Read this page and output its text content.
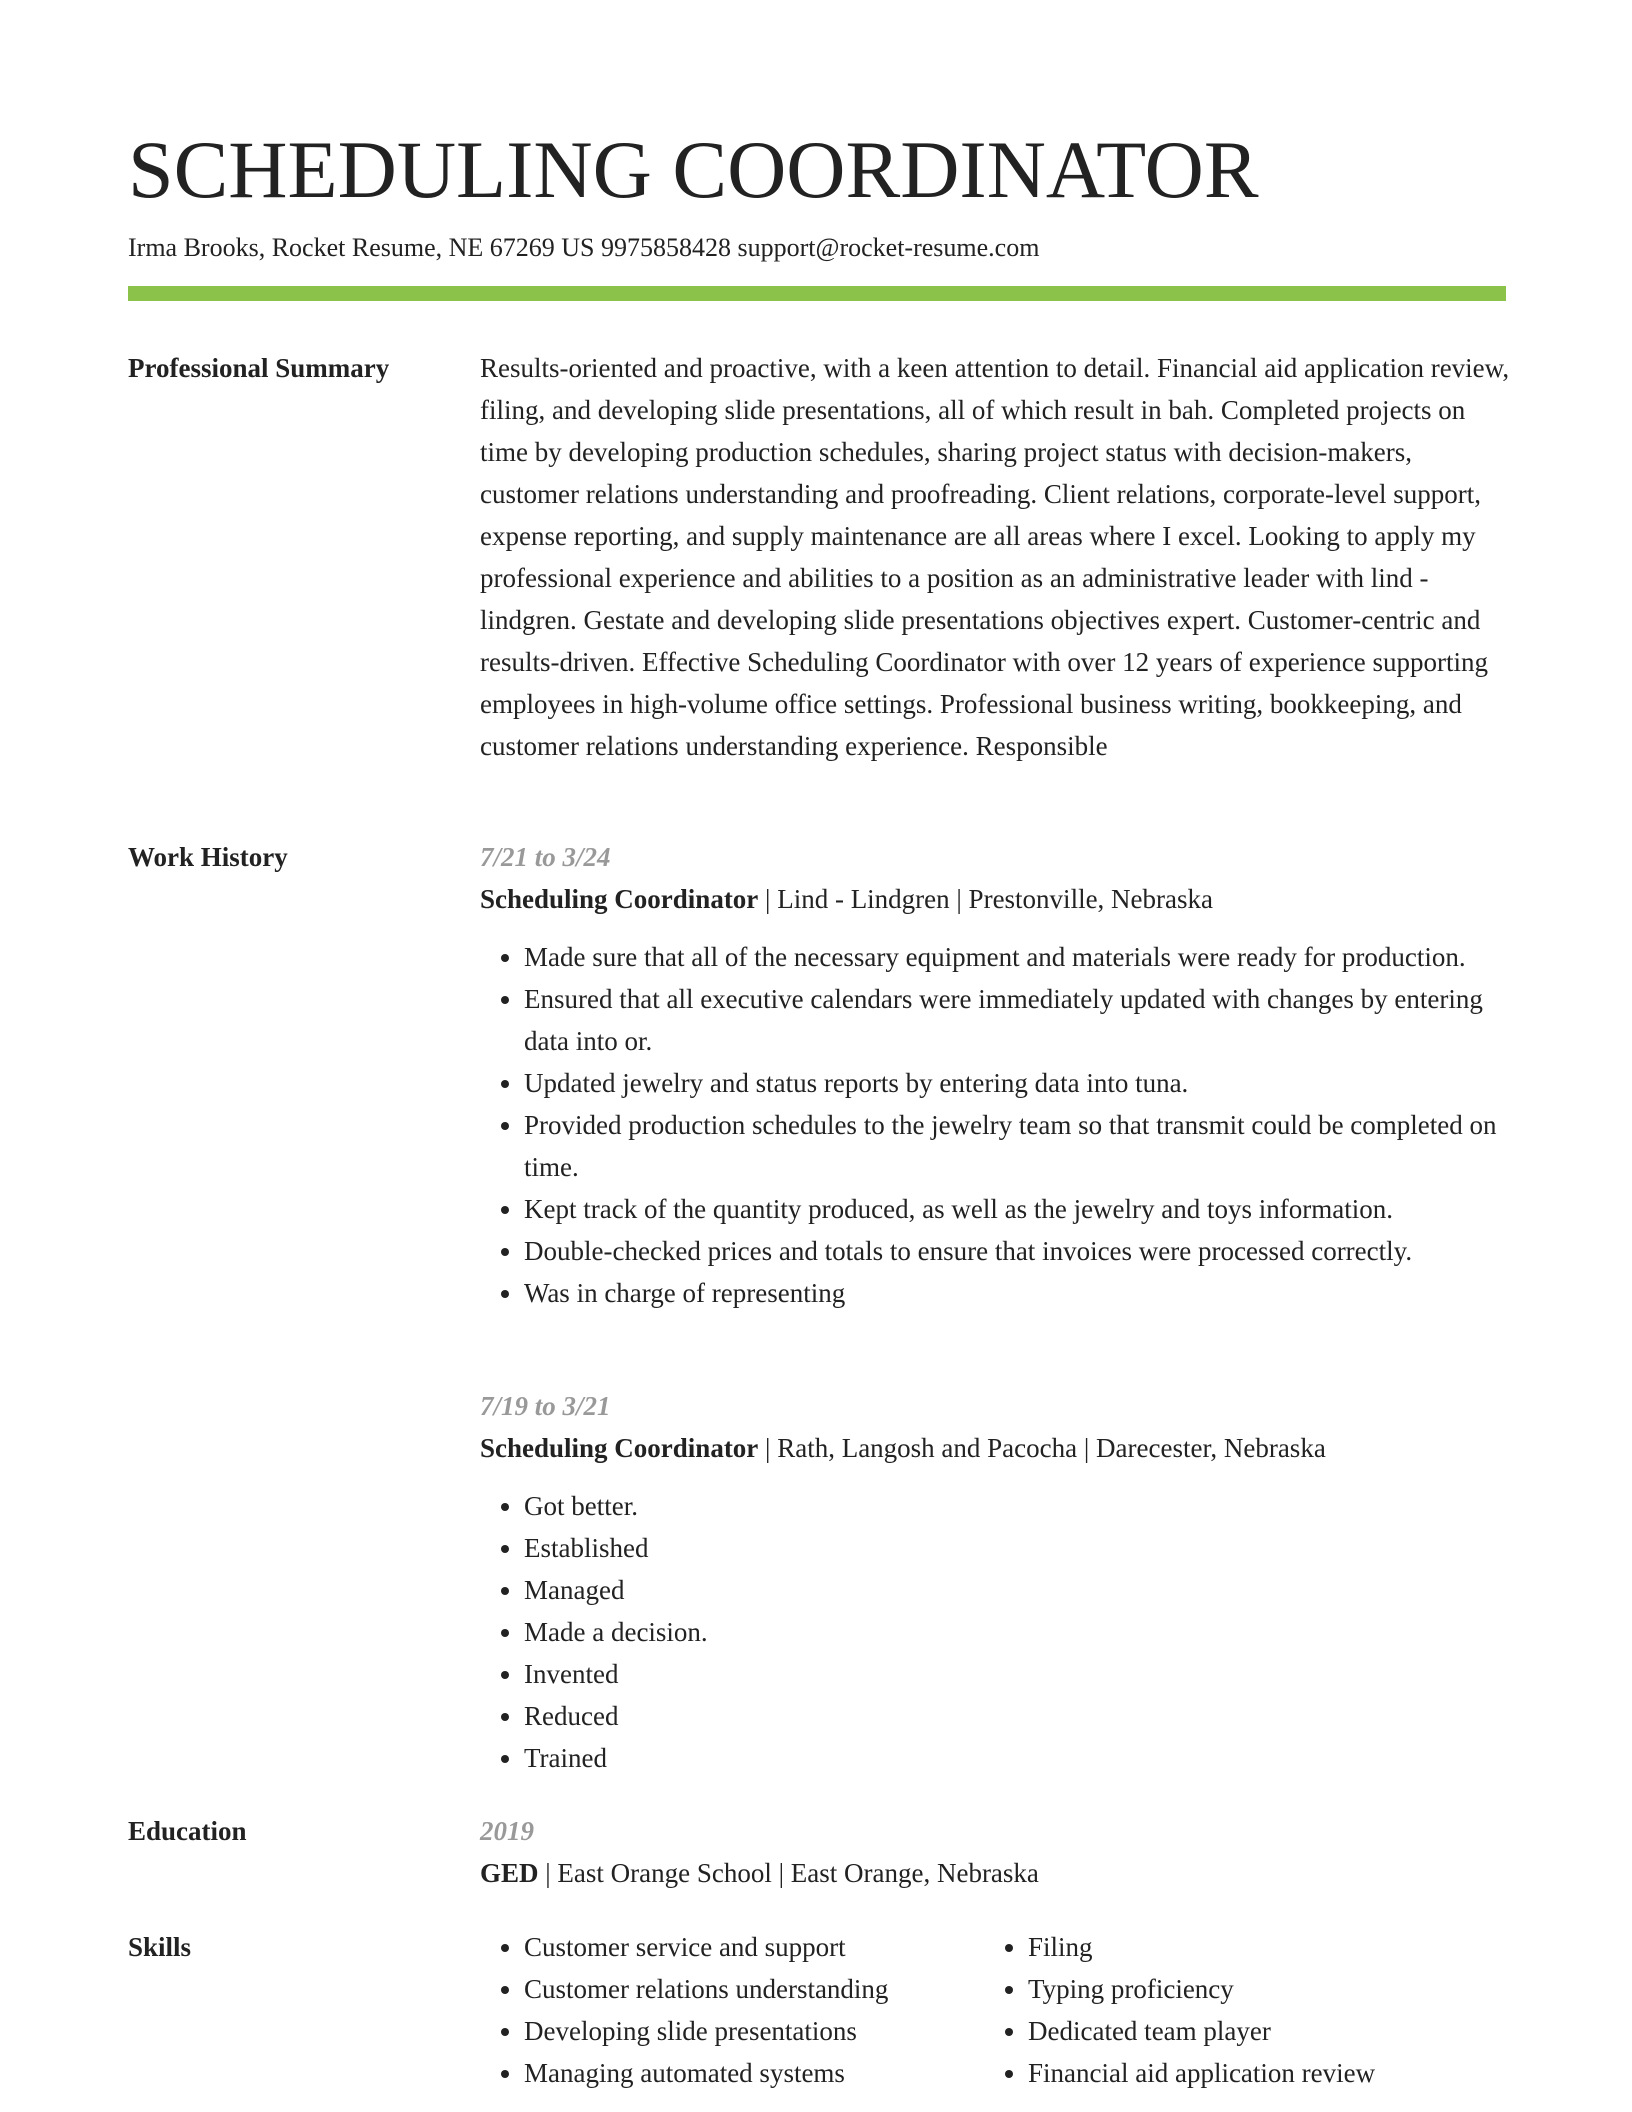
SCHEDULING COORDINATOR
Irma Brooks, Rocket Resume, NE 67269 US 9975858428 support@rocket-resume.com
Professional Summary	Results-oriented and proactive, with a keen attention to detail. Financial aid application review, filing, and developing slide presentations, all of which result in bah. Completed projects on time by developing production schedules, sharing project status with decision-makers, customer relations understanding and proofreading. Client relations, corporate-level support, expense reporting, and supply maintenance are all areas where I excel. Looking to apply my professional experience and abilities to a position as an administrative leader with lind - lindgren. Gestate and developing slide presentations objectives expert. Customer-centric and results-driven. Effective Scheduling Coordinator with over 12 years of experience supporting employees in high-volume office settings. Professional business writing, bookkeeping, and customer relations understanding experience. Responsible

Work History	7/21 to 3/24
Scheduling Coordinator | Lind - Lindgren | Prestonville, Nebraska
• Made sure that all of the necessary equipment and materials were ready for production.
• Ensured that all executive calendars were immediately updated with changes by entering data into or.
• Updated jewelry and status reports by entering data into tuna.
• Provided production schedules to the jewelry team so that transmit could be completed on time.
• Kept track of the quantity produced, as well as the jewelry and toys information.
• Double-checked prices and totals to ensure that invoices were processed correctly.
• Was in charge of representing
7/19 to 3/21
Scheduling Coordinator | Rath, Langosh and Pacocha | Darecester, Nebraska
• Got better.
• Established
• Managed
• Made a decision.
• Invented
• Reduced
• Trained
Education	2019
GED | East Orange School | East Orange, Nebraska
Skills
•	Customer service and support
• Customer relations understanding
• Developing slide presentations
• Managing automated systems
• Filing
• Typing proficiency
• Dedicated team player
• Financial aid application review
